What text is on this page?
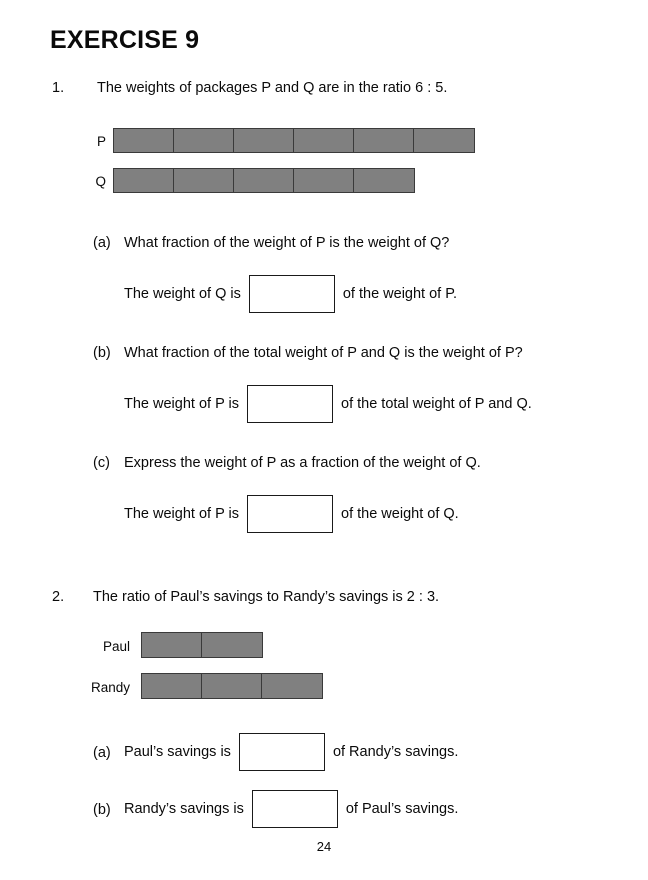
EXERCISE 9
1. The weights of packages P and Q are in the ratio 6 : 5.
P
Q
(a) What fraction of the weight of P is the weight of Q?
The weight of Q is	of the weight of P.
(b) What fraction of the total weight of P and Q is the weight of P?
The weight of P is	of the total weight of P and Q.
(c) Express the weight of P as a fraction of the weight of Q.
The weight of P is	of the weight of Q.
2. The ratio of Paul’s savings to Randy’s savings is 2 : 3.
Paul
Randy
(a) Paul’s savings is	of Randy’s savings.
(b) Randy’s savings is	of Paul’s savings.
24
